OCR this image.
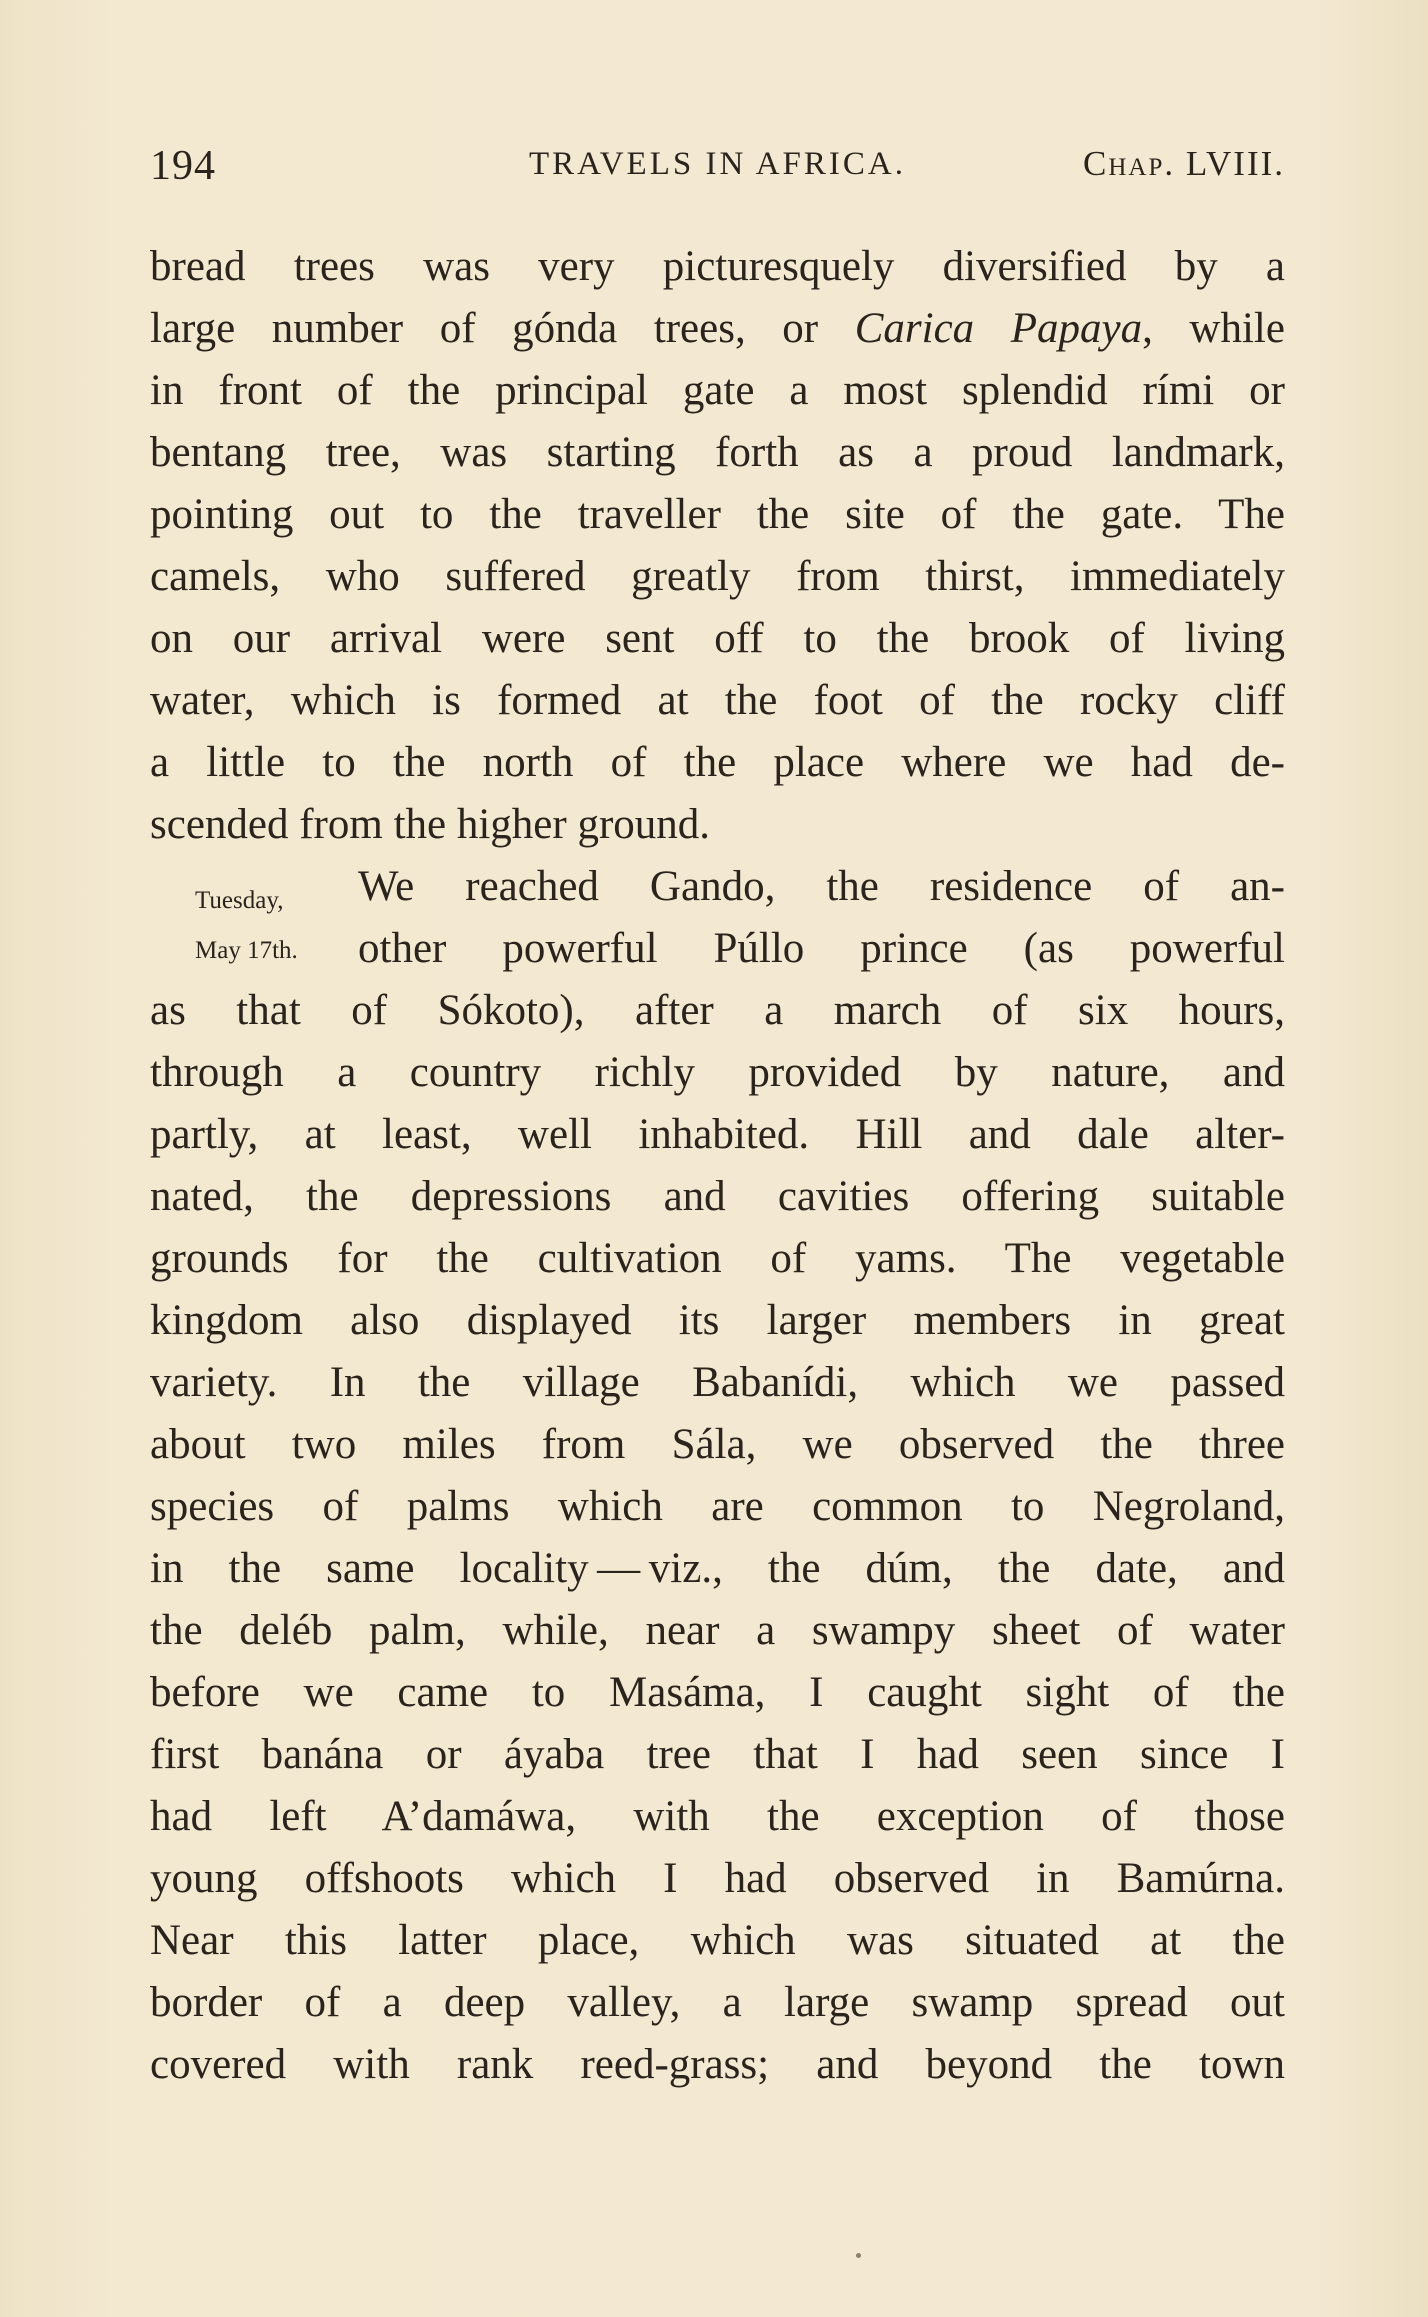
194	TRAVELS IN AFRICA.	Chap. LVIII.
Tuesday,
May 17th.
bread trees was very picturesquely diversified by a
large number of gónda trees, or Carica Papaya, while
in front of the principal gate a most splendid rími or
bentang tree, was starting forth as a proud landmark,
pointing out to the traveller the site of the gate. The
camels, who suffered greatly from thirst, immediately
on our arrival were sent off to the brook of living
water, which is formed at the foot of the rocky cliff
a little to the north of the place where we had de-
scended from the higher ground.
We reached Gando, the residence of an-
other powerful Púllo prince (as powerful
as that of Sókoto), after a march of six hours,
through a country richly provided by nature, and
partly, at least, well inhabited. Hill and dale alter-
nated, the depressions and cavities offering suitable
grounds for the cultivation of yams. The vegetable
kingdom also displayed its larger members in great
variety. In the village Babanídi, which we passed
about two miles from Sála, we observed the three
species of palms which are common to Negroland,
in the same locality — viz., the dúm, the date, and
the deléb palm, while, near a swampy sheet of water
before we came to Masáma, I caught sight of the
first banána or áyaba tree that I had seen since I
had left A’damáwa, with the exception of those
young offshoots which I had observed in Bamúrna.
Near this latter place, which was situated at the
border of a deep valley, a large swamp spread out
covered with rank reed-grass; and beyond the town
